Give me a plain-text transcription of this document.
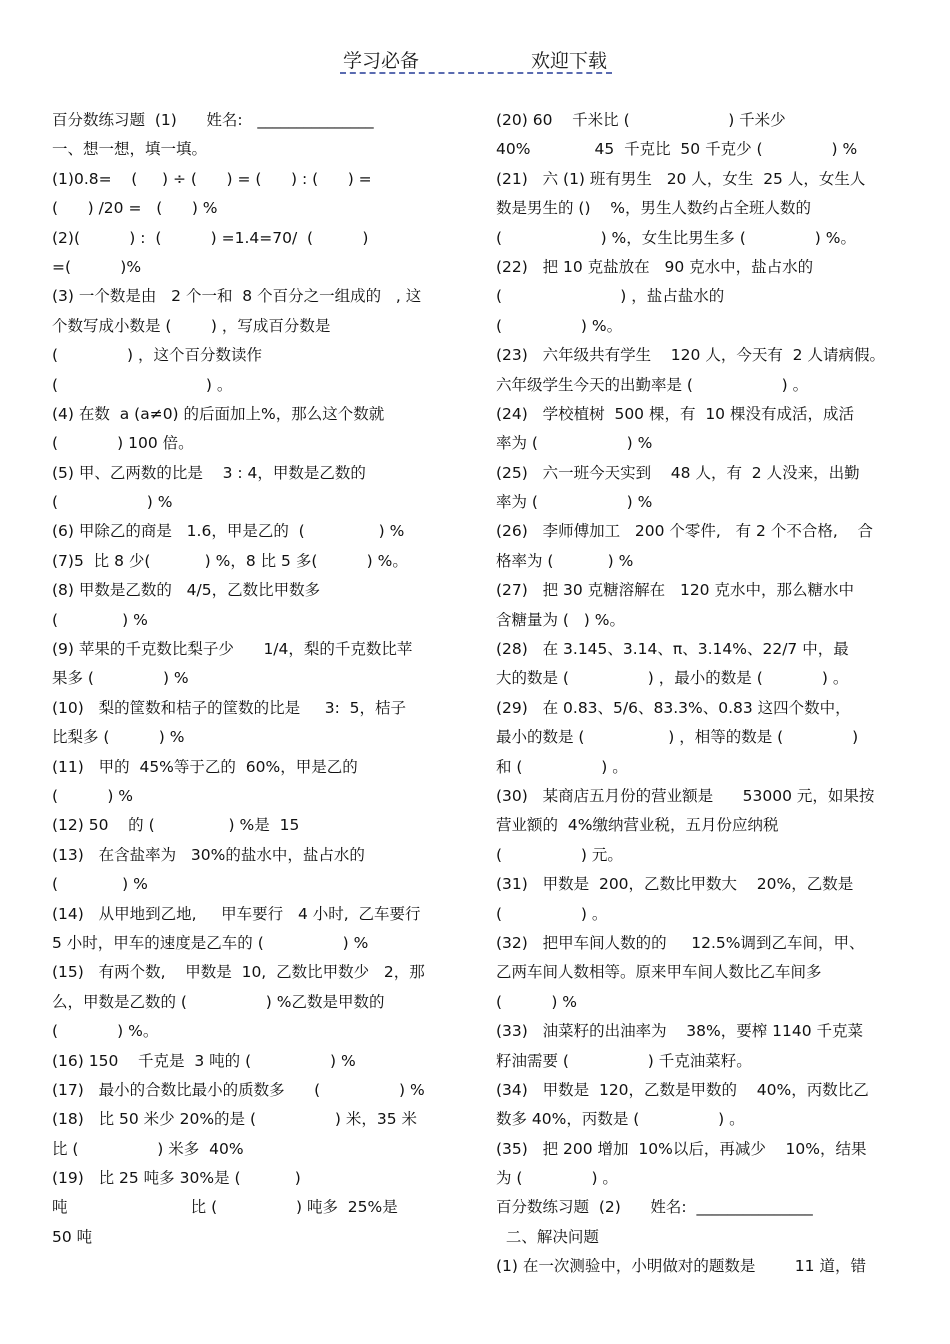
学习必备	欢迎下载
百分数练习题  (1)      姓名:   _______________
一、想一想，填一填。
(1)0.8=    (     ) ÷ (      ) = (      ) : (      ) =
(      ) /20 =   (      ) %
(2)(          ) :  (          ) =1.4=70/  (          )
=(          )%
(3) 一个数是由   2 个一和  8 个百分之一组成的   , 这
个数写成小数是 (        ) ，写成百分数是
(              ) ，这个百分数读作
(                              ) 。
(4) 在数  a (a≠0) 的后面加上%，那么这个数就
(            ) 100 倍。
(5) 甲、乙两数的比是    3 : 4，甲数是乙数的
(                  ) %
(6) 甲除乙的商是   1.6，甲是乙的  (               ) %
(7)5  比 8 少(           ) %，8 比 5 多(          ) %。
(8) 甲数是乙数的   4/5，乙数比甲数多
(             ) %
(9) 苹果的千克数比梨子少      1/4，梨的千克数比苹
果多 (              ) %
(10)   梨的筐数和桔子的筐数的比是     3:  5，桔子
比梨多 (          ) %
(11)   甲的  45%等于乙的  60%，甲是乙的
(          ) %
(12) 50    的 (               ) %是  15
(13)   在含盐率为   30%的盐水中，盐占水的
(             ) %
(14)   从甲地到乙地,     甲车要行   4 小时,  乙车要行
5 小时，甲车的速度是乙车的 (                ) %
(15)   有两个数,    甲数是  10,  乙数比甲数少   2，那
么，甲数是乙数的 (                ) %乙数是甲数的
(            ) %。
(16) 150    千克是  3 吨的 (                ) %
(17)   最小的合数比最小的质数多      (                ) %
(18)   比 50 米少 20%的是 (                ) 米，35 米
比 (                ) 米多  40%
(19)   比 25 吨多 30%是 (           )
吨                         比 (                ) 吨多  25%是
50 吨
(20) 60    千米比 (                    ) 千米少
40%             45  千克比  50 千克少 (              ) %
(21)   六 (1) 班有男生   20 人，女生  25 人，女生人
数是男生的 ()    %，男生人数约占全班人数的
(                    ) %，女生比男生多 (              ) %。
(22)   把 10 克盐放在   90 克水中，盐占水的
(                        ) ，盐占盐水的
(                ) %。
(23)   六年级共有学生    120 人，今天有  2 人请病假。
六年级学生今天的出勤率是 (                  ) 。
(24)   学校植树  500 棵，有  10 棵没有成活，成活
率为 (                  ) %
(25)   六一班今天实到    48 人，有  2 人没来，出勤
率为 (                  ) %
(26)   李师傅加工   200 个零件,   有 2 个不合格,    合
格率为 (           ) %
(27)   把 30 克糖溶解在   120 克水中，那么糖水中
含糖量为 (   ) %。
(28)   在 3.145、3.14、π、3.14%、22/7 中，最
大的数是 (                ) ，最小的数是 (            ) 。
(29)   在 0.83、5/6、83.3%、0.83 这四个数中，
最小的数是 (                 ) ，相等的数是 (              )
和 (                ) 。
(30)   某商店五月份的营业额是      53000 元，如果按
营业额的  4%缴纳营业税，五月份应纳税
(                ) 元。
(31)   甲数是  200，乙数比甲数大    20%，乙数是
(                ) 。
(32)   把甲车间人数的的     12.5%调到乙车间，甲、
乙两车间人数相等。原来甲车间人数比乙车间多
(          ) %
(33)   油菜籽的出油率为    38%，要榨 1140 千克菜
籽油需要 (                ) 千克油菜籽。
(34)   甲数是  120，乙数是甲数的    40%，丙数比乙
数多 40%，丙数是 (                ) 。
(35)   把 200 增加  10%以后，再减少    10%，结果
为 (              ) 。
百分数练习题  (2)      姓名:  _______________
二、解决问题
(1) 在一次测验中，小明做对的题数是        11 道，错
